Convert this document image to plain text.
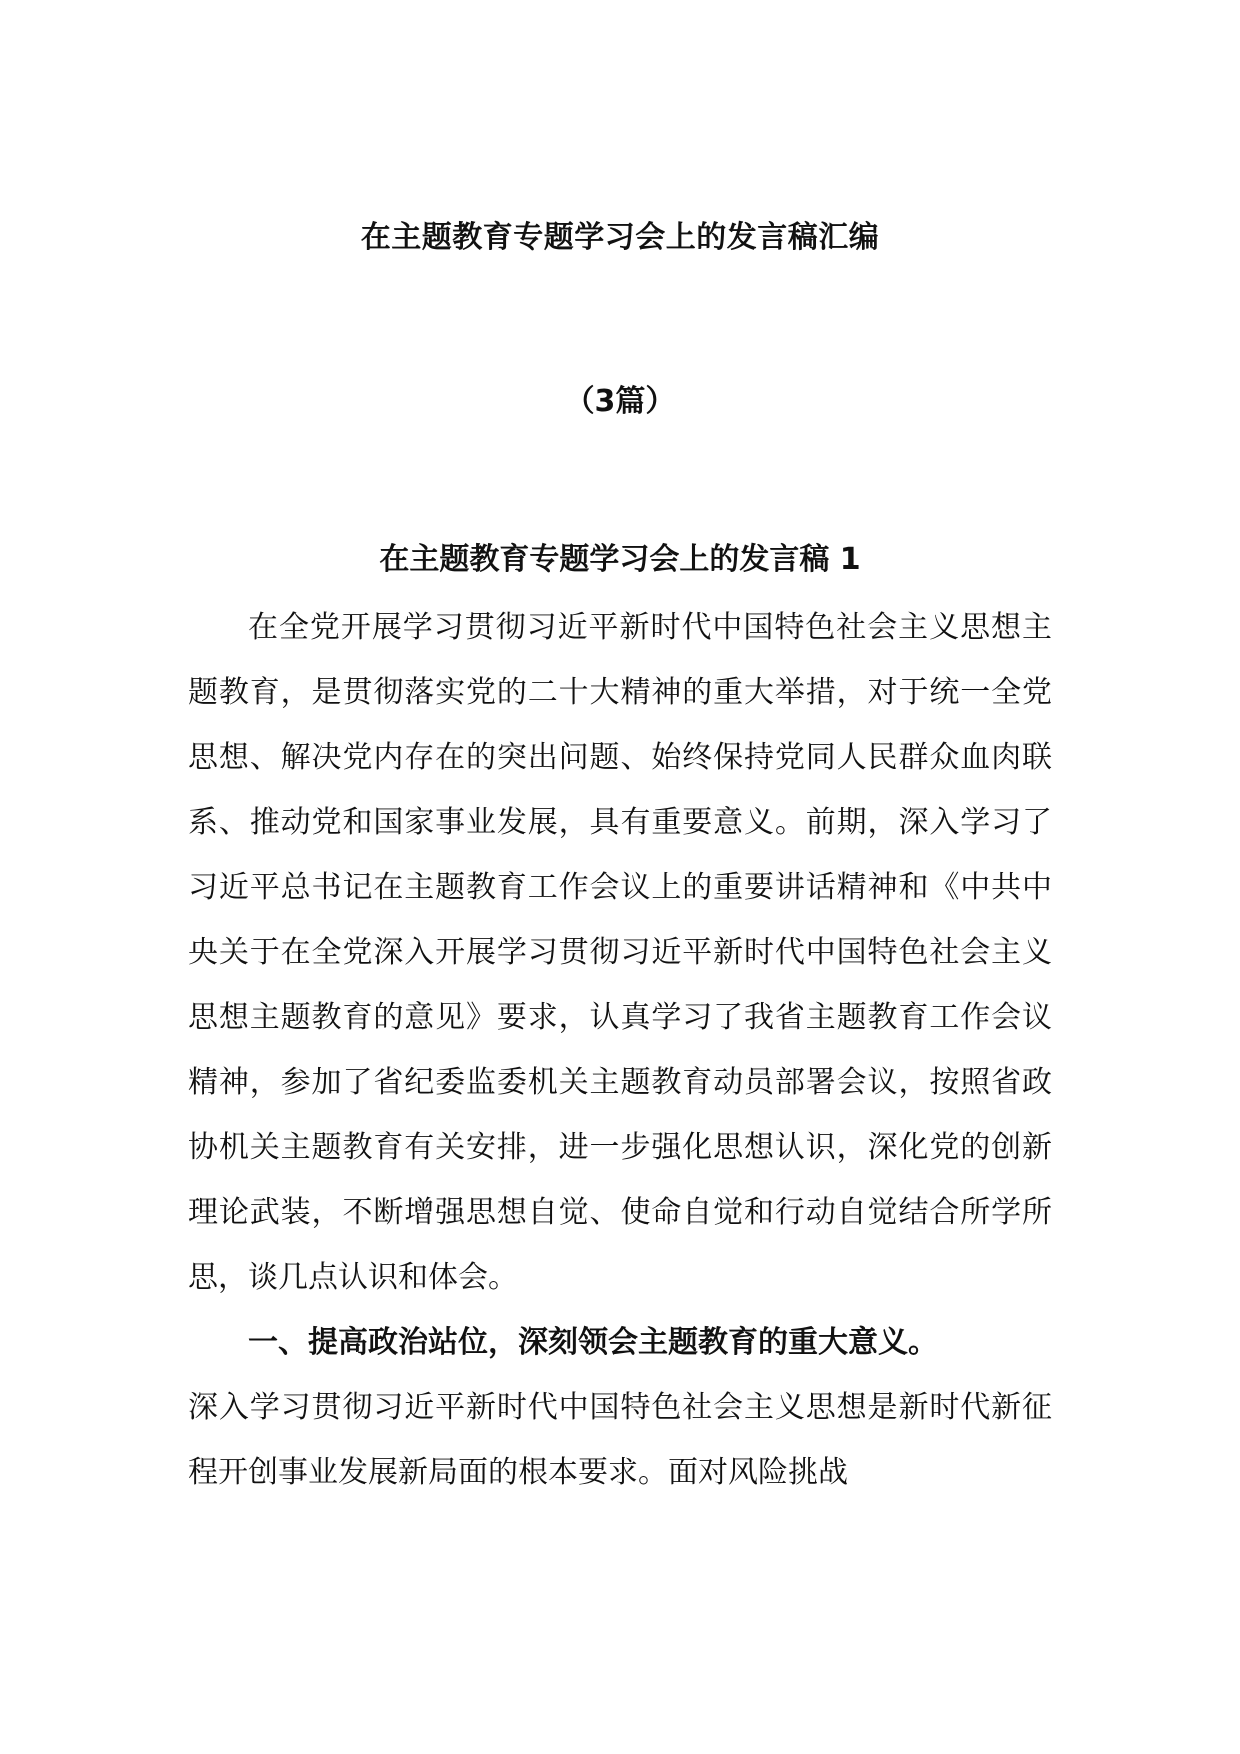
在主题教育专题学习会上的发言稿汇编
（3篇）
在主题教育专题学习会上的发言稿 1

在全党开展学习贯彻习近平新时代中国特色社会主义思想主题教育，是贯彻落实党的二十大精神的重大举措，对于统一全党思想、解决党内存在的突出问题、始终保持党同人民群众血肉联系、推动党和国家事业发展，具有重要意义。前期，深入学习了习近平总书记在主题教育工作会议上的重要讲话精神和《中共中央关于在全党深入开展学习贯彻习近平新时代中国特色社会主义思想主题教育的意见》要求，认真学习了我省主题教育工作会议精神，参加了省纪委监委机关主题教育动员部署会议，按照省政协机关主题教育有关安排，进一步强化思想认识，深化党的创新理论武装，不断增强思想自觉、使命自觉和行动自觉结合所学所思，谈几点认识和体会。

一、提高政治站位，深刻领会主题教育的重大意义。

深入学习贯彻习近平新时代中国特色社会主义思想是新时代新征程开创事业发展新局面的根本要求。面对风险挑战
